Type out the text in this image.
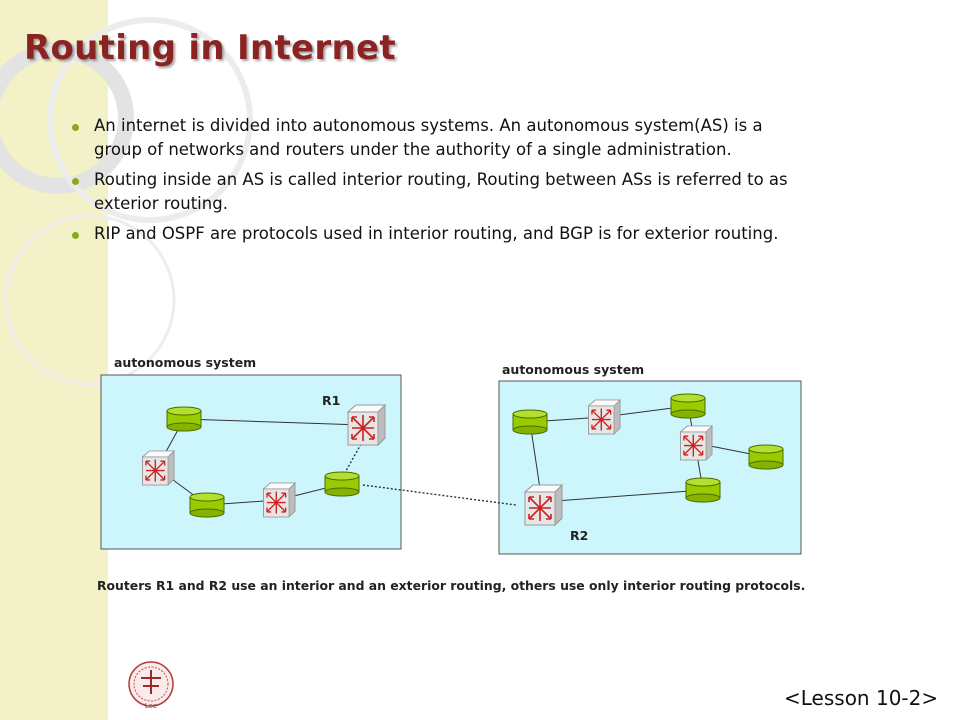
Routing in Internet
An internet is divided into autonomous systems. An autonomous system(AS) is a group of networks and routers under the authority of a single administration.
Routing inside an AS is called interior routing, Routing between ASs is referred to as exterior routing.
RIP and OSPF are protocols used in interior routing, and BGP is for exterior routing.
autonomous system	autonomous system
R1
R2
Routers R1 and R2 use an interior and an exterior routing, others use only interior routing protocols.
Lee	<Lesson 10-2>
